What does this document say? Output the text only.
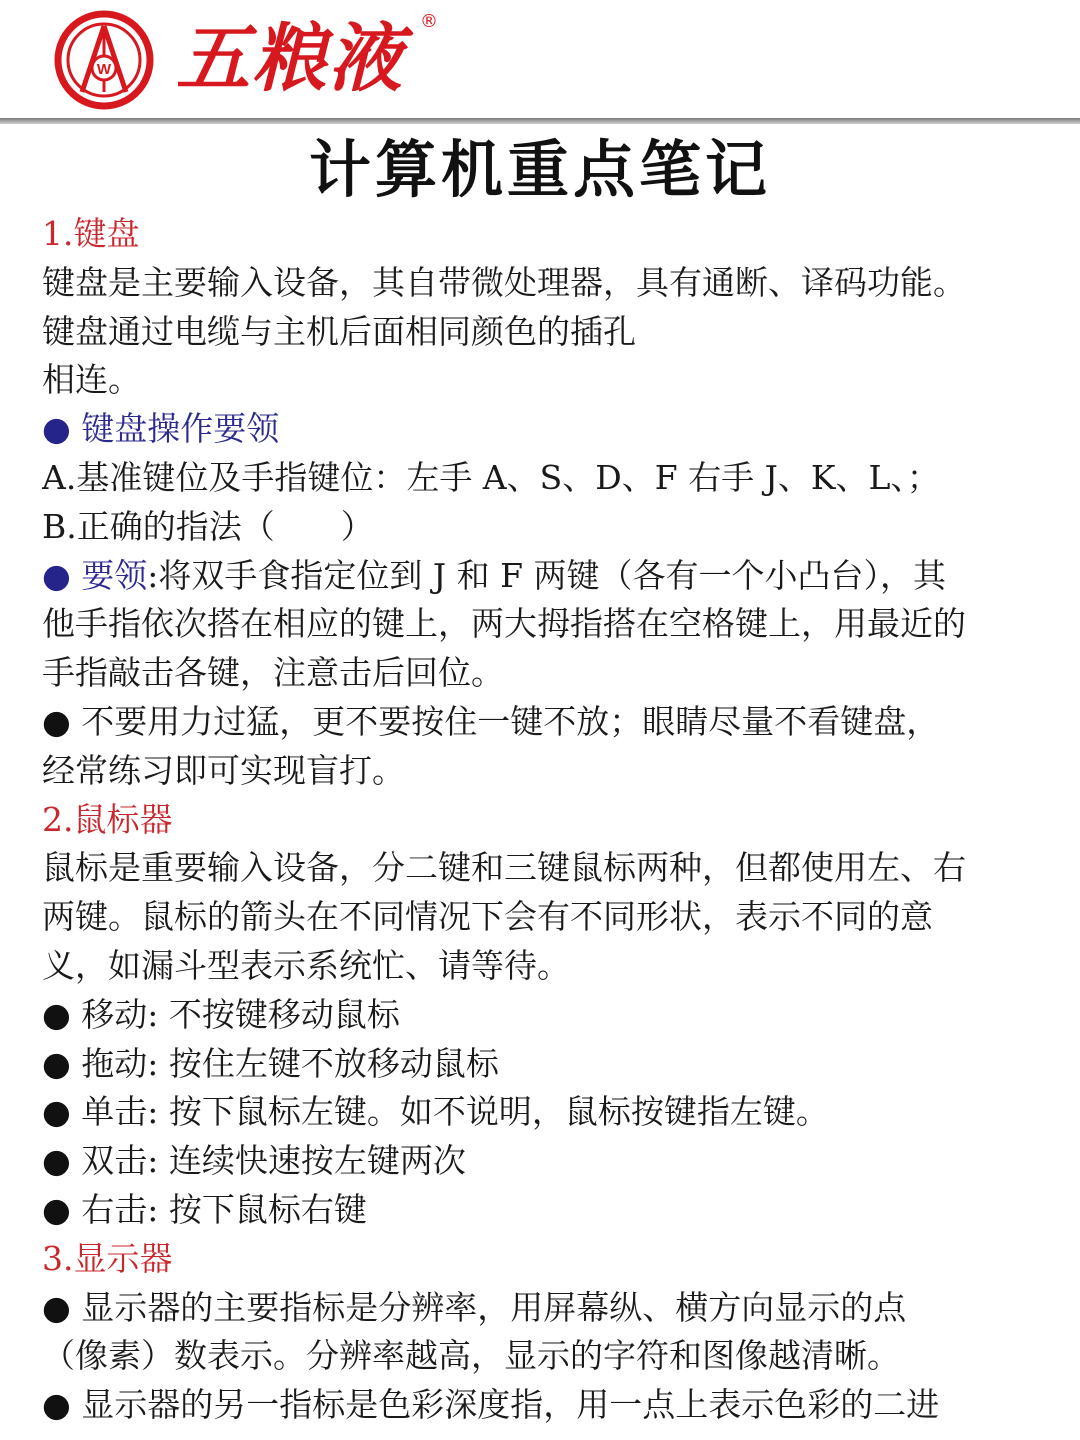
W 五粮液 ®
计算机重点笔记
1.键盘
键盘是主要输入设备，其自带微处理器，具有通断、译码功能。
键盘通过电缆与主机后面相同颜色的插孔
相连。
● 键盘操作要领
A.基准键位及手指键位：左手 A、S、D、F 右手 J、K、L、；
B.正确的指法（　　）
● 要领:将双手食指定位到 J 和 F 两键（各有一个小凸台），其
他手指依次搭在相应的键上，两大拇指搭在空格键上，用最近的
手指敲击各键，注意击后回位。
● 不要用力过猛，更不要按住一键不放；眼睛尽量不看键盘，
经常练习即可实现盲打。
2.鼠标器
鼠标是重要输入设备，分二键和三键鼠标两种，但都使用左、右
两键。鼠标的箭头在不同情况下会有不同形状，表示不同的意
义，如漏斗型表示系统忙、请等待。
● 移动: 不按键移动鼠标
● 拖动: 按住左键不放移动鼠标
● 单击: 按下鼠标左键。如不说明，鼠标按键指左键。
● 双击: 连续快速按左键两次
● 右击: 按下鼠标右键
3.显示器
● 显示器的主要指标是分辨率，用屏幕纵、横方向显示的点
（像素）数表示。分辨率越高，显示的字符和图像越清晰。
● 显示器的另一指标是色彩深度指，用一点上表示色彩的二进
